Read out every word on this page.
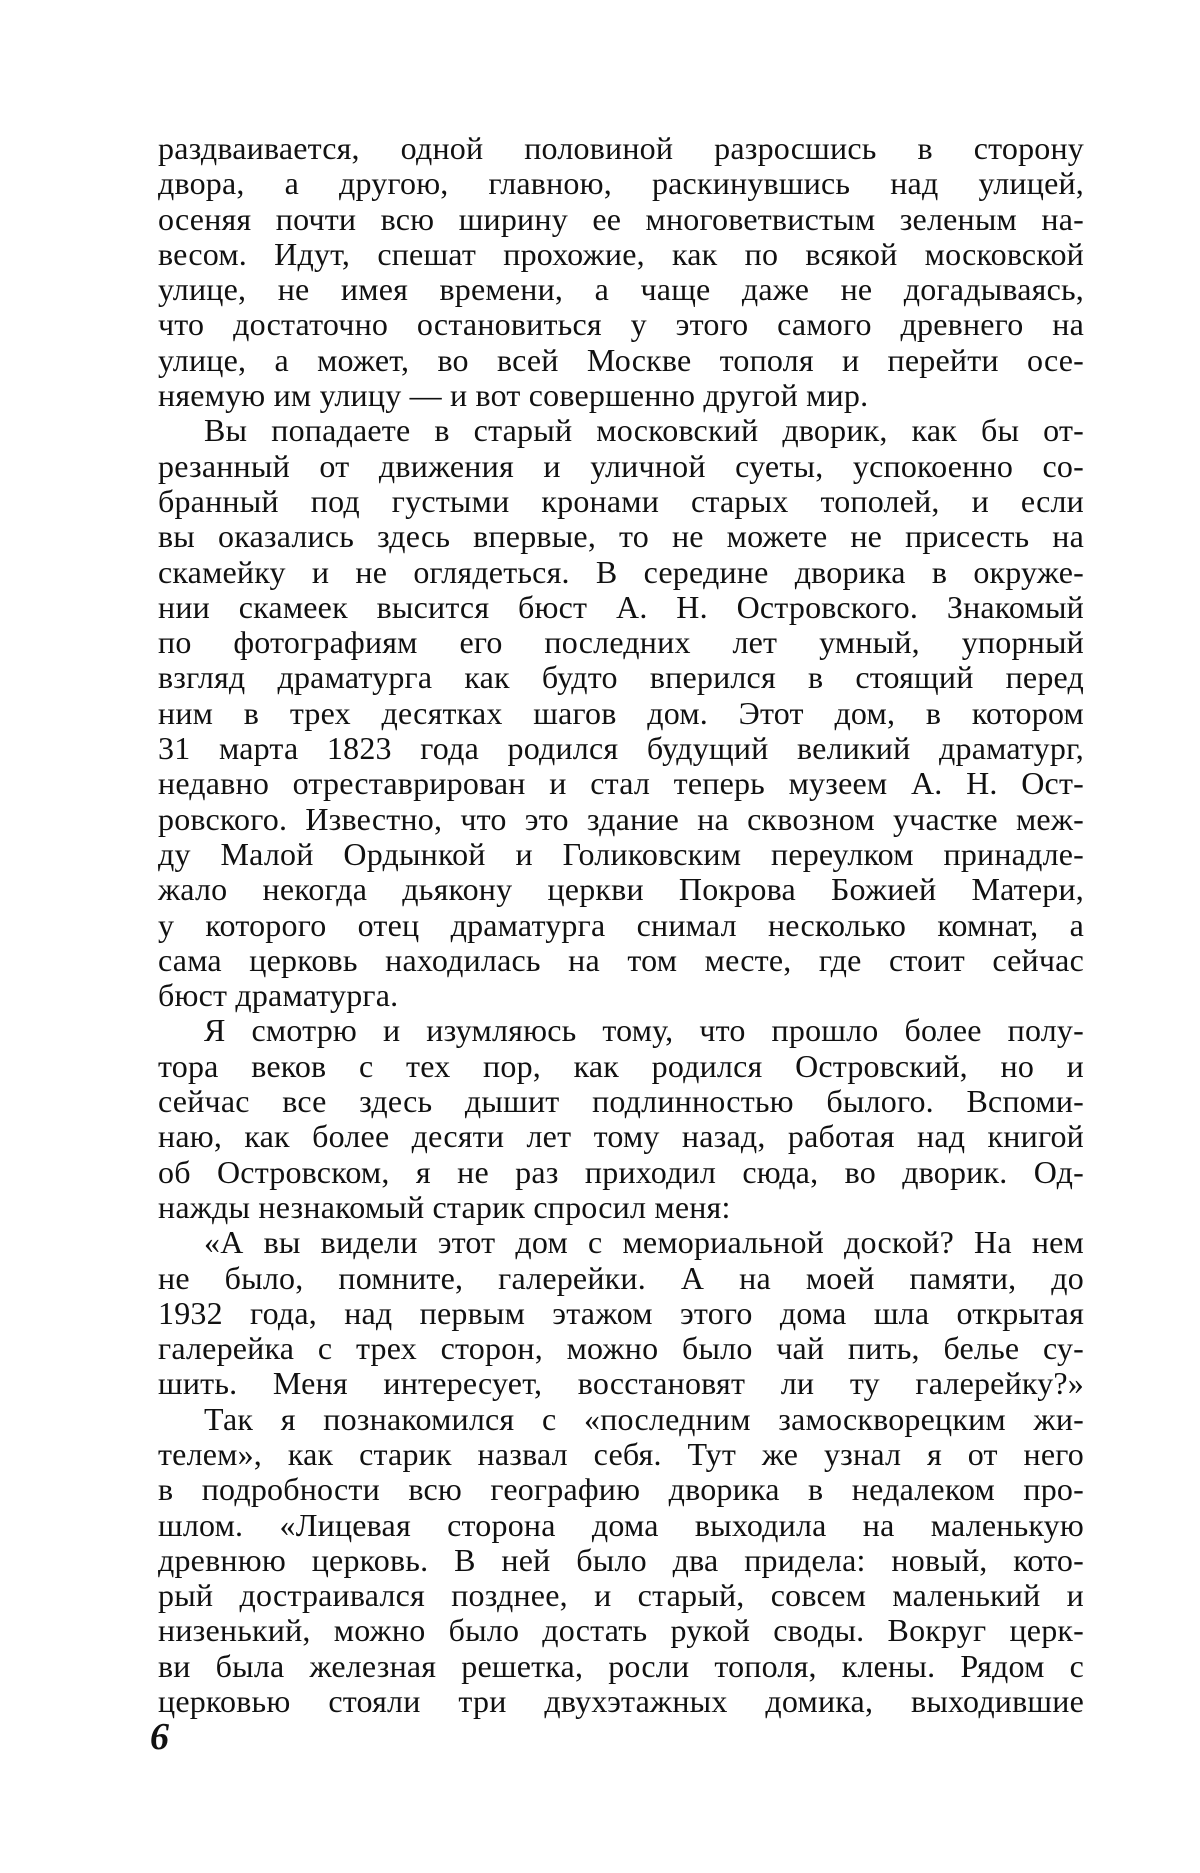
раздваивается, одной половиной разросшись в сторону
двора, а другою, главною, раскинувшись над улицей,
осеняя почти всю ширину ее многоветвистым зеленым на-
весом. Идут, спешат прохожие, как по всякой московской
улице, не имея времени, а чаще даже не догадываясь,
что достаточно остановиться у этого самого древнего на
улице, а может, во всей Москве тополя и перейти осе-
няемую им улицу — и вот совершенно другой мир.
Вы попадаете в старый московский дворик, как бы от-
резанный от движения и уличной суеты, успокоенно со-
бранный под густыми кронами старых тополей, и если
вы оказались здесь впервые, то не можете не присесть на
скамейку и не оглядеться. В середине дворика в окруже-
нии скамеек высится бюст А. Н. Островского. Знакомый
по фотографиям его последних лет умный, упорный
взгляд драматурга как будто вперился в стоящий перед
ним в трех десятках шагов дом. Этот дом, в котором
31 марта 1823 года родился будущий великий драматург,
недавно отреставрирован и стал теперь музеем А. Н. Ост-
ровского. Известно, что это здание на сквозном участке меж-
ду Малой Ордынкой и Голиковским переулком принадле-
жало некогда дьякону церкви Покрова Божией Матери,
у которого отец драматурга снимал несколько комнат, а
сама церковь находилась на том месте, где стоит сейчас
бюст драматурга.
Я смотрю и изумляюсь тому, что прошло более полу-
тора веков с тех пор, как родился Островский, но и
сейчас все здесь дышит подлинностью былого. Вспоми-
наю, как более десяти лет тому назад, работая над книгой
об Островском, я не раз приходил сюда, во дворик. Од-
нажды незнакомый старик спросил меня:
«А вы видели этот дом с мемориальной доской? На нем
не было, помните, галерейки. А на моей памяти, до
1932 года, над первым этажом этого дома шла открытая
галерейка с трех сторон, можно было чай пить, белье су-
шить. Меня интересует, восстановят ли ту галерейку?»
Так я познакомился с «последним замоскворецким жи-
телем», как старик назвал себя. Тут же узнал я от него
в подробности всю географию дворика в недалеком про-
шлом. «Лицевая сторона дома выходила на маленькую
древнюю церковь. В ней было два придела: новый, кото-
рый достраивался позднее, и старый, совсем маленький и
низенький, можно было достать рукой своды. Вокруг церк-
ви была железная решетка, росли тополя, клены. Рядом с
церковью стояли три двухэтажных домика, выходившие
6
